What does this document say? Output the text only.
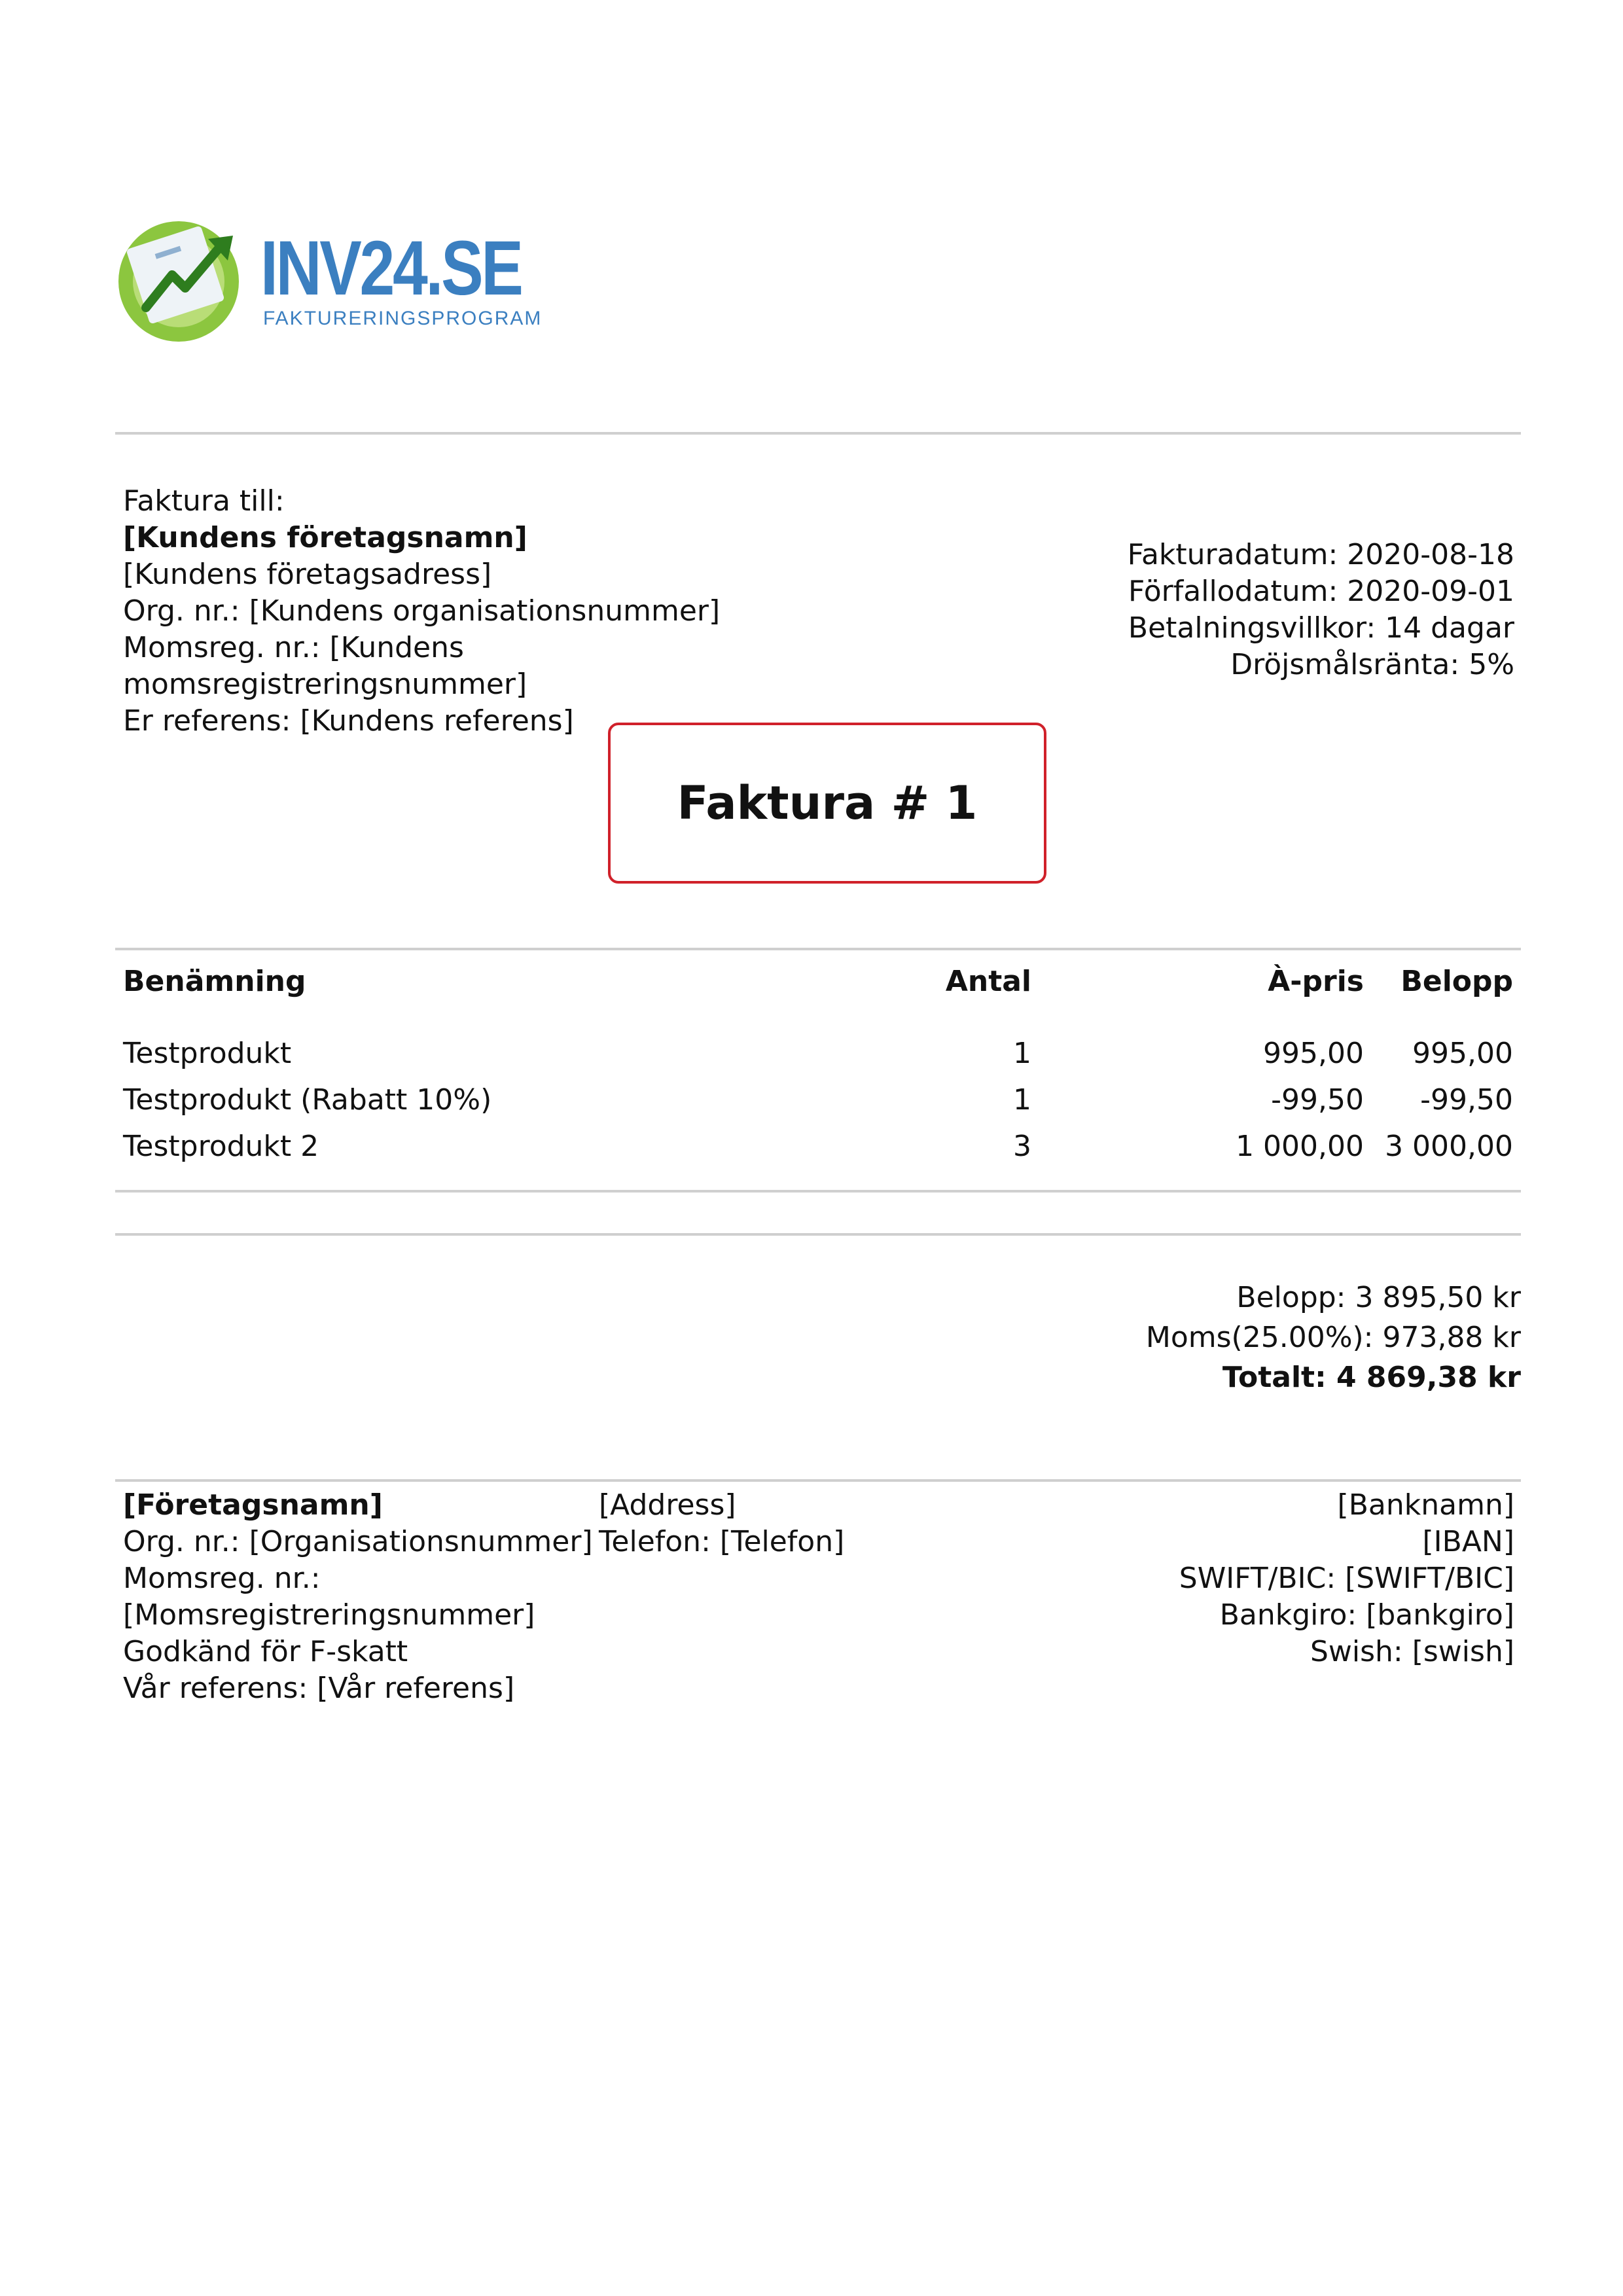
INV24.SE
FAKTURERINGSPROGRAM
Faktura till:
[Kundens företagsnamn]
[Kundens företagsadress]
Org. nr.: [Kundens organisationsnummer]
Momsreg. nr.: [Kundens momsregistreringsnummer]
Er referens: [Kundens referens]
Fakturadatum: 2020-08-18
Förfallodatum: 2020-09-01
Betalningsvillkor: 14 dagar
Dröjsmålsränta: 5%
Faktura # 1
Benämning	Antal	À-pris	Belopp
Testprodukt	1	995,00	995,00
Testprodukt (Rabatt 10%)	1	-99,50	-99,50
Testprodukt 2	3	1 000,00	3 000,00
Belopp: 3 895,50 kr
Moms(25.00%): 973,88 kr
Totalt: 4 869,38 kr
[Företagsnamn]
Org. nr.: [Organisationsnummer]
Momsreg. nr.:
[Momsregistreringsnummer]
Godkänd för F-skatt
Vår referens: [Vår referens]
[Address]
Telefon: [Telefon]
[Banknamn]
[IBAN]
SWIFT/BIC: [SWIFT/BIC]
Bankgiro: [bankgiro]
Swish: [swish]
